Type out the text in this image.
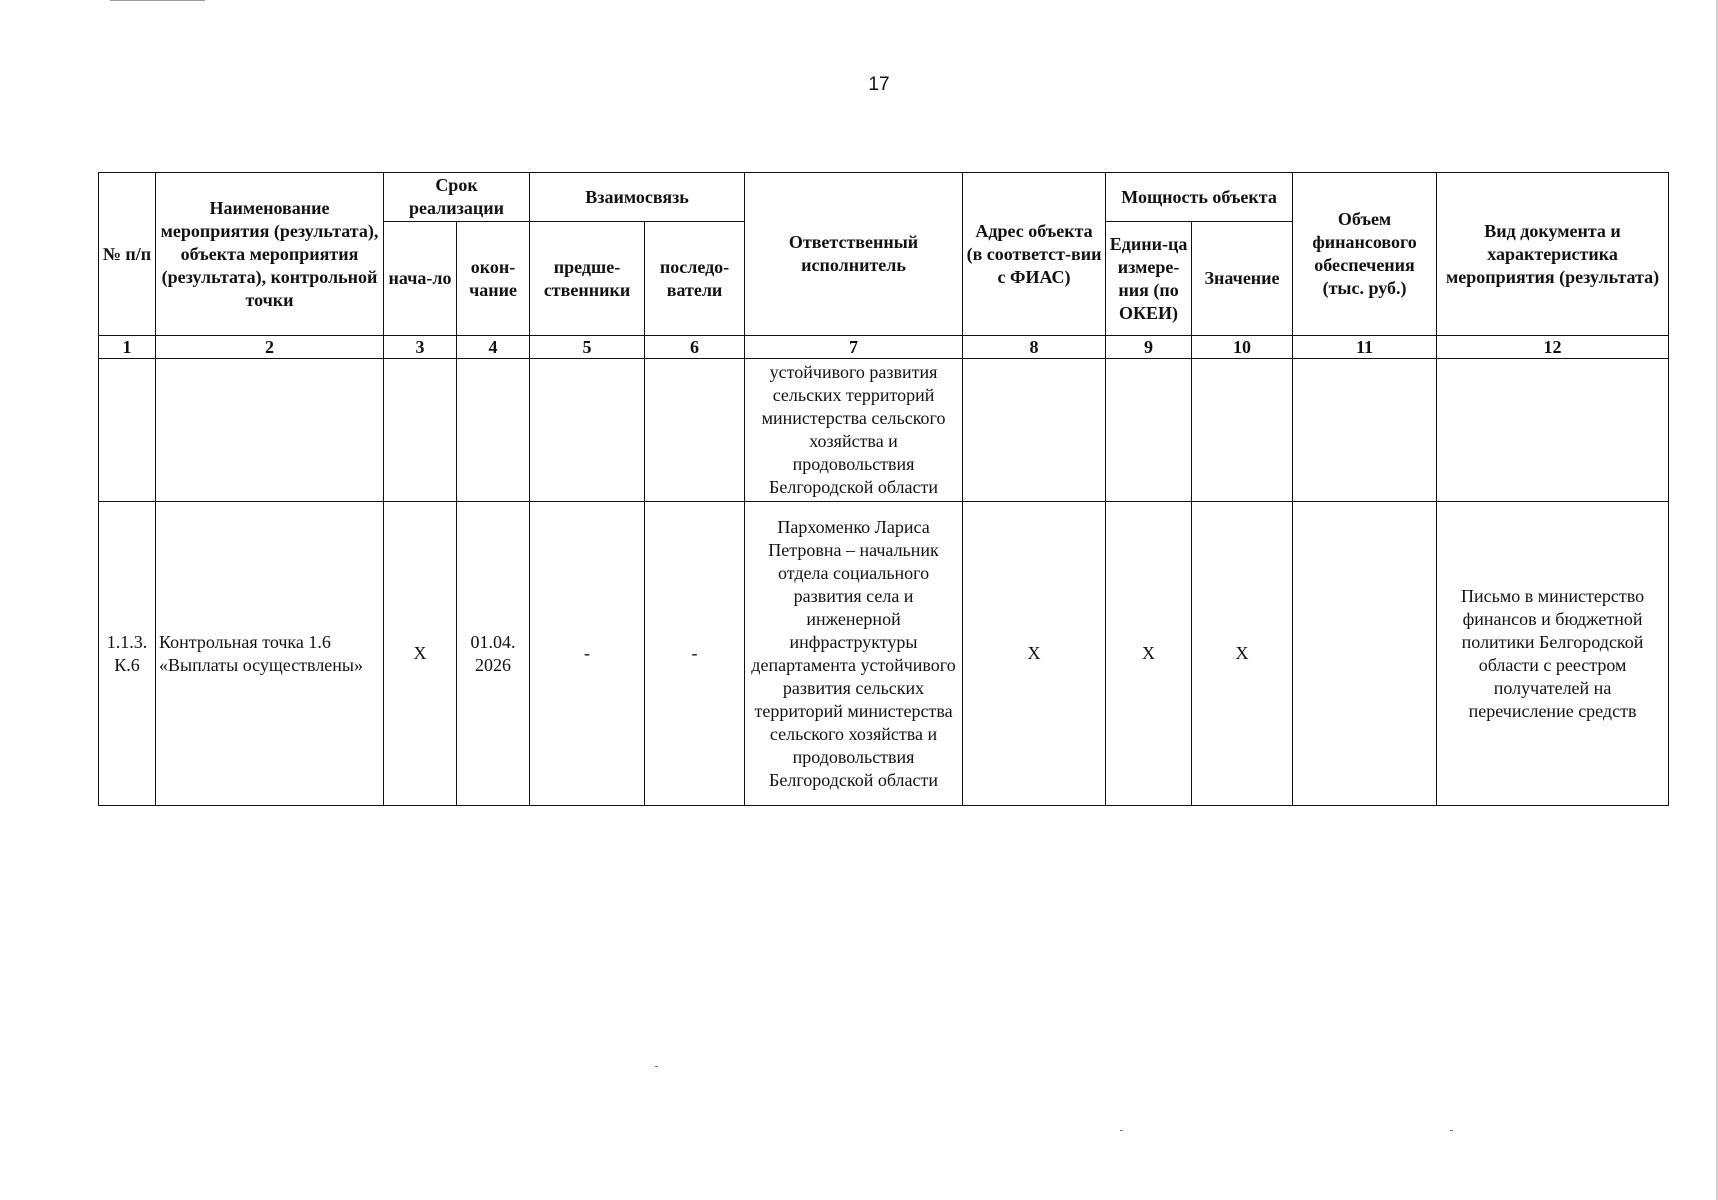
17
№ п/п	Наименование мероприятия (результата), объекта мероприятия (результата), контрольной точки	Срок реализации		Взаимосвязь		Ответственный исполнитель	Адрес объекта (в соответст-вии с ФИАС)	Мощность объекта		Объем финансового обеспечения (тыс. руб.)	Вид документа и характеристика мероприятия (результата)
		нача-ло	окон-чание	предше-ственники	последо-ватели			Едини-ца измере-ния (по ОКЕИ)	Значение		
1	2	3	4	5	6	7	8	9	10	11	12
						устойчивого развития сельских территорий министерства сельского хозяйства и продовольствия Белгородской области					
1.1.3. К.6	Контрольная точка 1.6 «Выплаты осуществлены»	X	01.04. 2026	-	-	Пархоменко Лариса Петровна – начальник отдела социального развития села и инженерной инфраструктуры департамента устойчивого развития сельских территорий министерства сельского хозяйства и продовольствия Белгородской области	X	X	X		Письмо в министерство финансов и бюджетной политики Белгородской области с реестром получателей на перечисление средств
